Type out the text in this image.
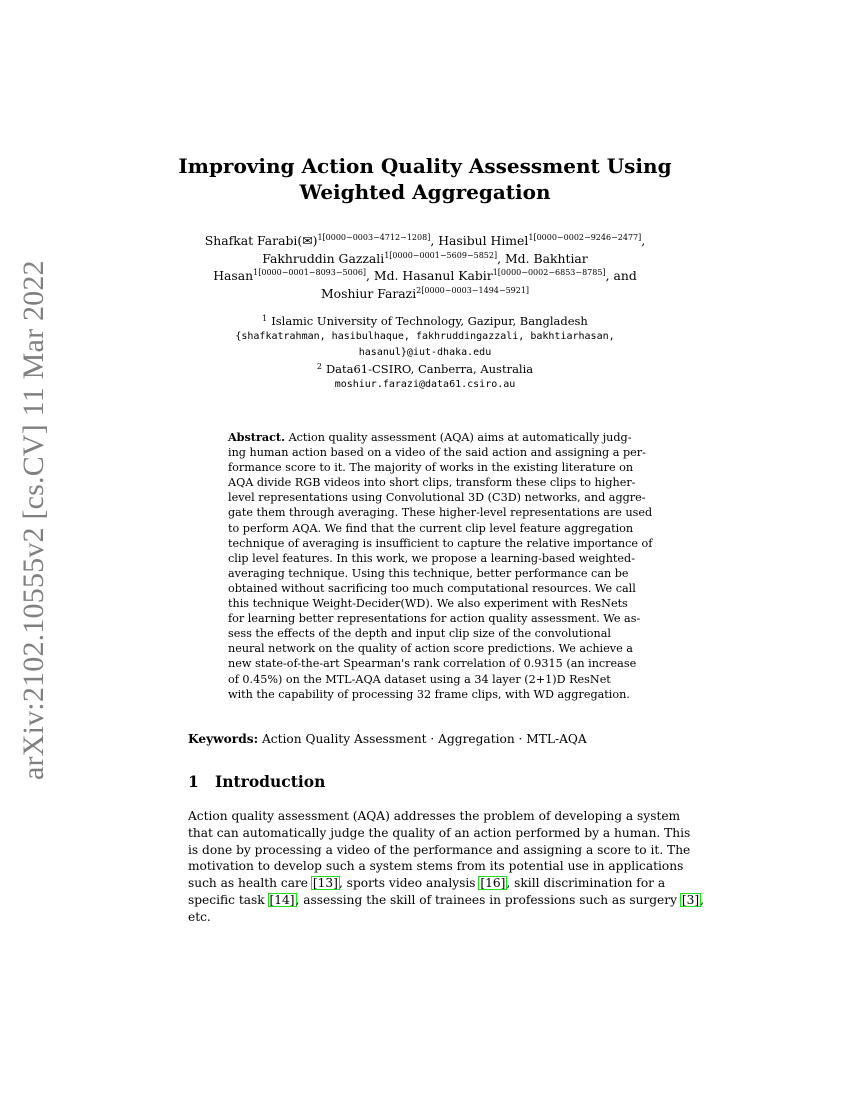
arXiv:2102.10555v2 [cs.CV] 11 Mar 2022
Improving Action Quality Assessment Using
Weighted Aggregation
Shafkat Farabi(✉)$^{1[0000-0003-4712-1208]}$, Hasibul Himel$^{1[0000-0002-9246-2477]}$,
Fakhruddin Gazzali$^{1[0000-0001-5609-5852]}$, Md. Bakhtiar
Hasan$^{1[0000-0001-8093-5006]}$, Md. Hasanul Kabir$^{1[0000-0002-6853-8785]}$, and
Moshiur Farazi$^{2[0000-0003-1494-5921]}$
$^1$ Islamic University of Technology, Gazipur, Bangladesh
{shafkatrahman, hasibulhaque, fakhruddingazzali, bakhtiarhasan,
hasanul}@iut-dhaka.edu
$^2$ Data61-CSIRO, Canberra, Australia
moshiur.farazi@data61.csiro.au
Abstract. Action quality assessment (AQA) aims at automatically judg-
ing human action based on a video of the said action and assigning a per-
formance score to it. The majority of works in the existing literature on
AQA divide RGB videos into short clips, transform these clips to higher-
level representations using Convolutional 3D (C3D) networks, and aggre-
gate them through averaging. These higher-level representations are used
to perform AQA. We find that the current clip level feature aggregation
technique of averaging is insufficient to capture the relative importance of
clip level features. In this work, we propose a learning-based weighted-
averaging technique. Using this technique, better performance can be
obtained without sacrificing too much computational resources. We call
this technique Weight-Decider(WD). We also experiment with ResNets
for learning better representations for action quality assessment. We as-
sess the effects of the depth and input clip size of the convolutional
neural network on the quality of action score predictions. We achieve a
new state-of-the-art Spearman's rank correlation of 0.9315 (an increase
of 0.45%) on the MTL-AQA dataset using a 34 layer (2+1)D ResNet
with the capability of processing 32 frame clips, with WD aggregation.
Keywords: Action Quality Assessment · Aggregation · MTL-AQA
1 Introduction
Action quality assessment (AQA) addresses the problem of developing a system
that can automatically judge the quality of an action performed by a human. This
is done by processing a video of the performance and assigning a score to it. The
motivation to develop such a system stems from its potential use in applications
such as health care [13], sports video analysis [16], skill discrimination for a
specific task [14], assessing the skill of trainees in professions such as surgery [3],
etc.
